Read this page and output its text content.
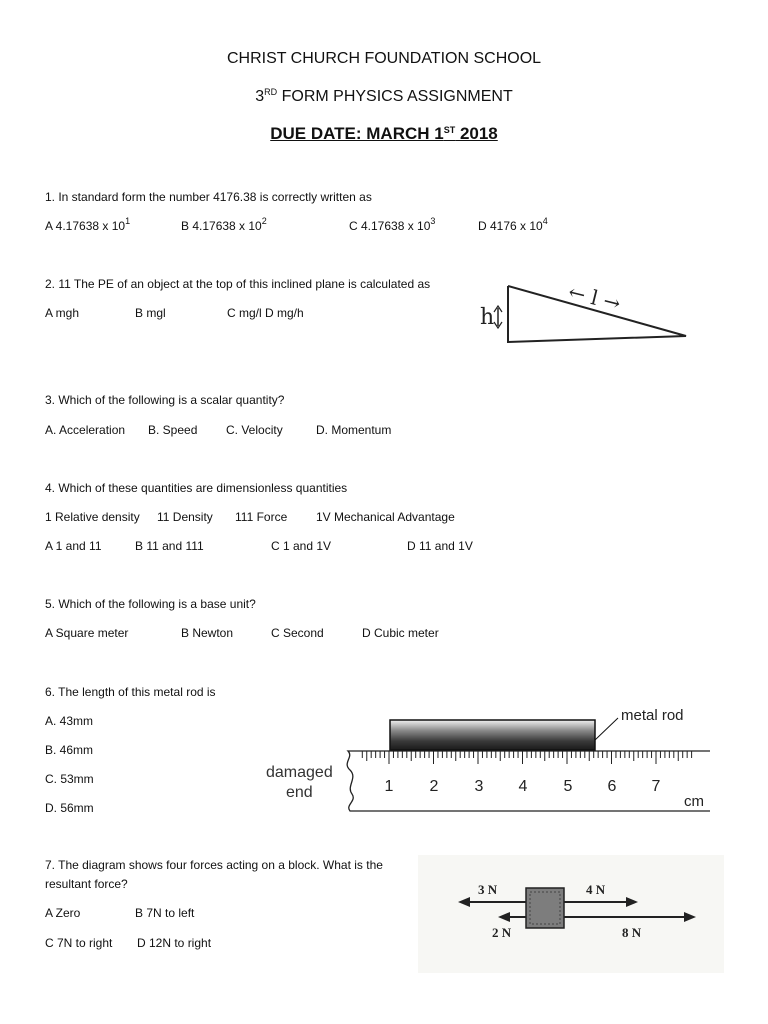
CHRIST CHURCH FOUNDATION SCHOOL
3RD FORM PHYSICS ASSIGNMENT
DUE DATE: MARCH 1ST 2018
1. In standard form the number 4176.38 is correctly written as
A 4.17638 x $10^1$	B 4.17638 x $10^2$	C 4.17638 x $10^3$	D 4176 x $10^4$
2. 11 The PE of an object at the top of this inclined plane is calculated as
A mgh	B mgl	C mg/l D mg/h	h
← l →
3. Which of the following is a scalar quantity?
A. Acceleration B. Speed C. Velocity	D. Momentum
4. Which of these quantities are dimensionless quantities
1 Relative density 11 Density 111 Force 1V Mechanical Advantage
A 1 and 11	B 11 and 111	C 1 and 1V	D 11 and 1V
5. Which of the following is a base unit?
A Square meter	B Newton	C Second	D Cubic meter
6. The length of this metal rod is
A. 43mm
B. 46mm
C. 53mm
D. 56mm
metal rod
1 2 3 4 5 6 7
cm
damaged
end
7. The diagram shows four forces acting on a block. What is the
resultant force?
A Zero	B 7N to left
C 7N to right D 12N to right
3 N	4 N
2 N	8 N
